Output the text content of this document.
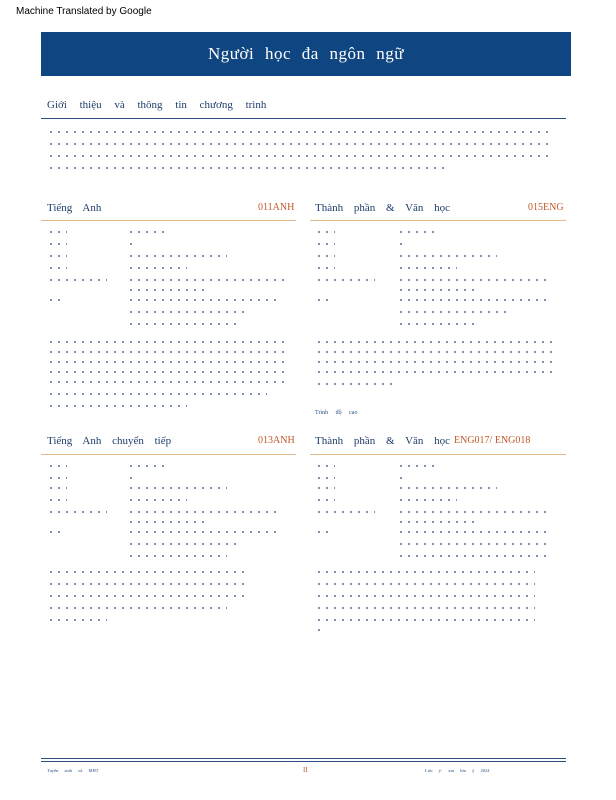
Machine Translated by Google
Người học đa ngôn ngữ
Giới thiệu và thông tin chương trình
Tiếng Anh	011ANH Thành phần & Văn học	015ENG
Trình độ cao
Tiếng Anh chuyển tiếp	013ANH Thành phần & Văn học ENG017/ ENG018
Tuyến sinh và MHT	II	Lưu ý: xin lưu ý 2024
